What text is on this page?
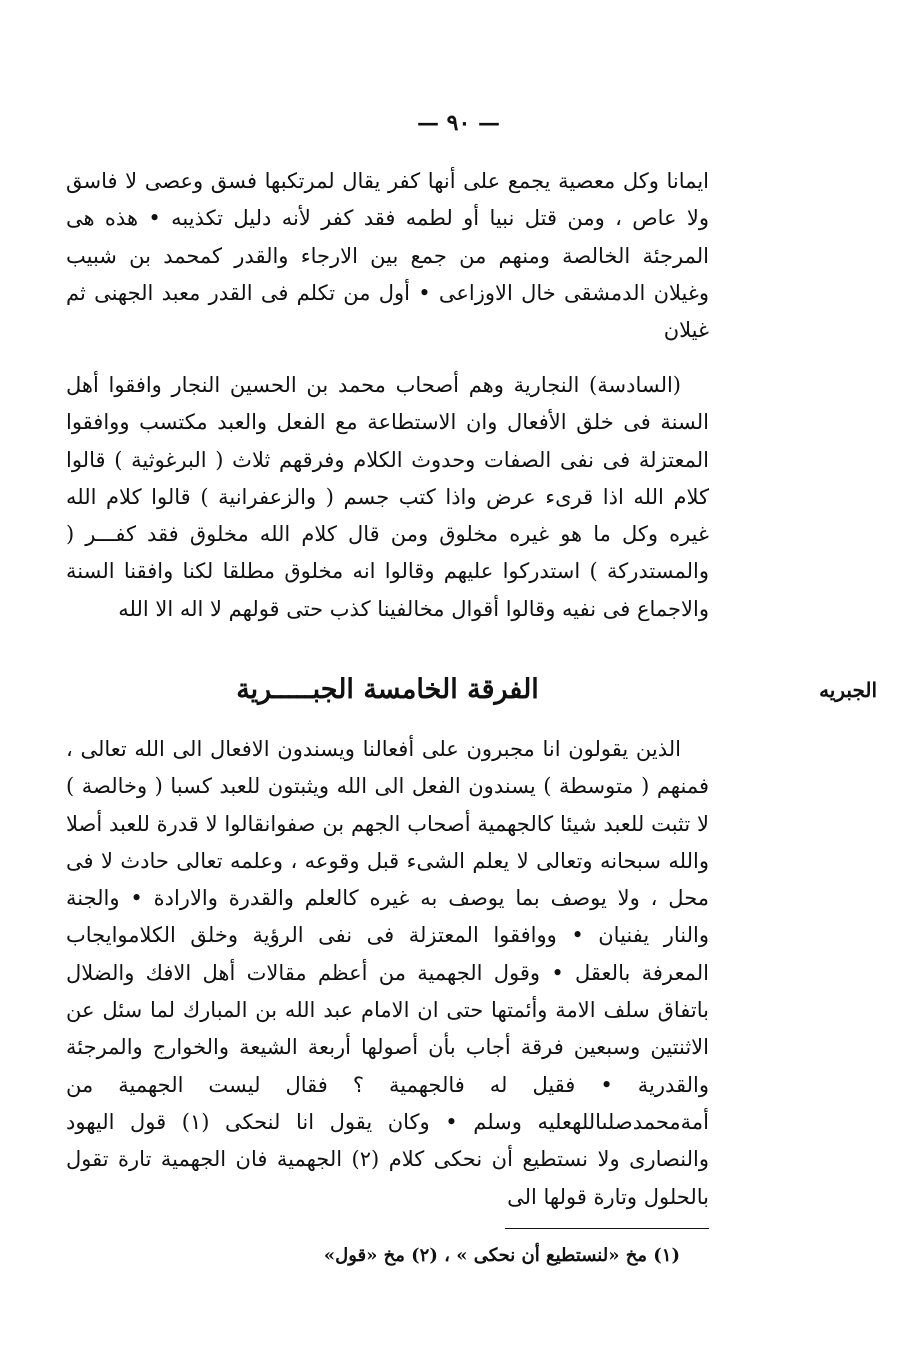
— ٩٠ —

ايمانا وكل معصية يجمع على أنها كفر يقال لمرتكبها فسق وعصى لا فاسق ولا عاص ، ومن قتل نبيا أو لطمه فقد كفر لأنه دليل تكذيبه • هذه هى المرجئة الخالصة ومنهم من جمع بين الارجاء والقدر كمحمد بن شبيب وغيلان الدمشقى خال الاوزاعى • أول من تكلم فى القدر معبد الجهنى ثم غيلان

(السادسة) النجارية وهم أصحاب محمد بن الحسين النجار وافقوا أهل السنة فى خلق الأفعال وان الاستطاعة مع الفعل والعبد مكتسب ووافقوا المعتزلة فى نفى الصفات وحدوث الكلام وفرقهم ثلاث ( البرغوثية ) قالوا كلام الله اذا قرىء عرض واذا كتب جسم ( والزعفرانية ) قالوا كلام الله غيره وكل ما هو غيره مخلوق ومن قال كلام الله مخلوق فقد كفـــر ( والمستدركة ) استدركوا عليهم وقالوا انه مخلوق مطلقا لكنا وافقنا السنة والاجماع فى نفيه وقالوا أقوال مخالفينا كذب حتى قولهم لا اله الا الله

الجبريه
الفرقة الخامسة الجبـــــرية

الذين يقولون انا مجبرون على أفعالنا ويسندون الافعال الى الله تعالى ، فمنهم ( متوسطة ) يسندون الفعل الى الله ويثبتون للعبد كسبا ( وخالصة ) لا تثبت للعبد شيئا كالجهمية أصحاب الجهم بن صفوانقالوا لا قدرة للعبد أصلا والله سبحانه وتعالى لا يعلم الشىء قبل وقوعه ، وعلمه تعالى حادث لا فى محل ، ولا يوصف بما يوصف به غيره كالعلم والقدرة والارادة • والجنة والنار يفنيان • ووافقوا المعتزلة فى نفى الرؤية وخلق الكلاموايجاب المعرفة بالعقل • وقول الجهمية من أعظم مقالات أهل الافك والضلال باتفاق سلف الامة وأئمتها حتى ان الامام عبد الله بن المبارك لما سئل عن الاثنتين وسبعين فرقة أجاب بأن أصولها أربعة الشيعة والخوارج والمرجئة والقدرية • فقيل له فالجهمية ؟ فقال ليست الجهمية من أمةمحمدصلىاللهعليه وسلم • وكان يقول انا لنحكى (١) قول اليهود والنصارى ولا نستطيع أن نحكى كلام (٢) الجهمية فان الجهمية تارة تقول بالحلول وتارة قولها الى

(١) مخ «لنستطيع أن نحكى » ، (٢) مخ «قول»
